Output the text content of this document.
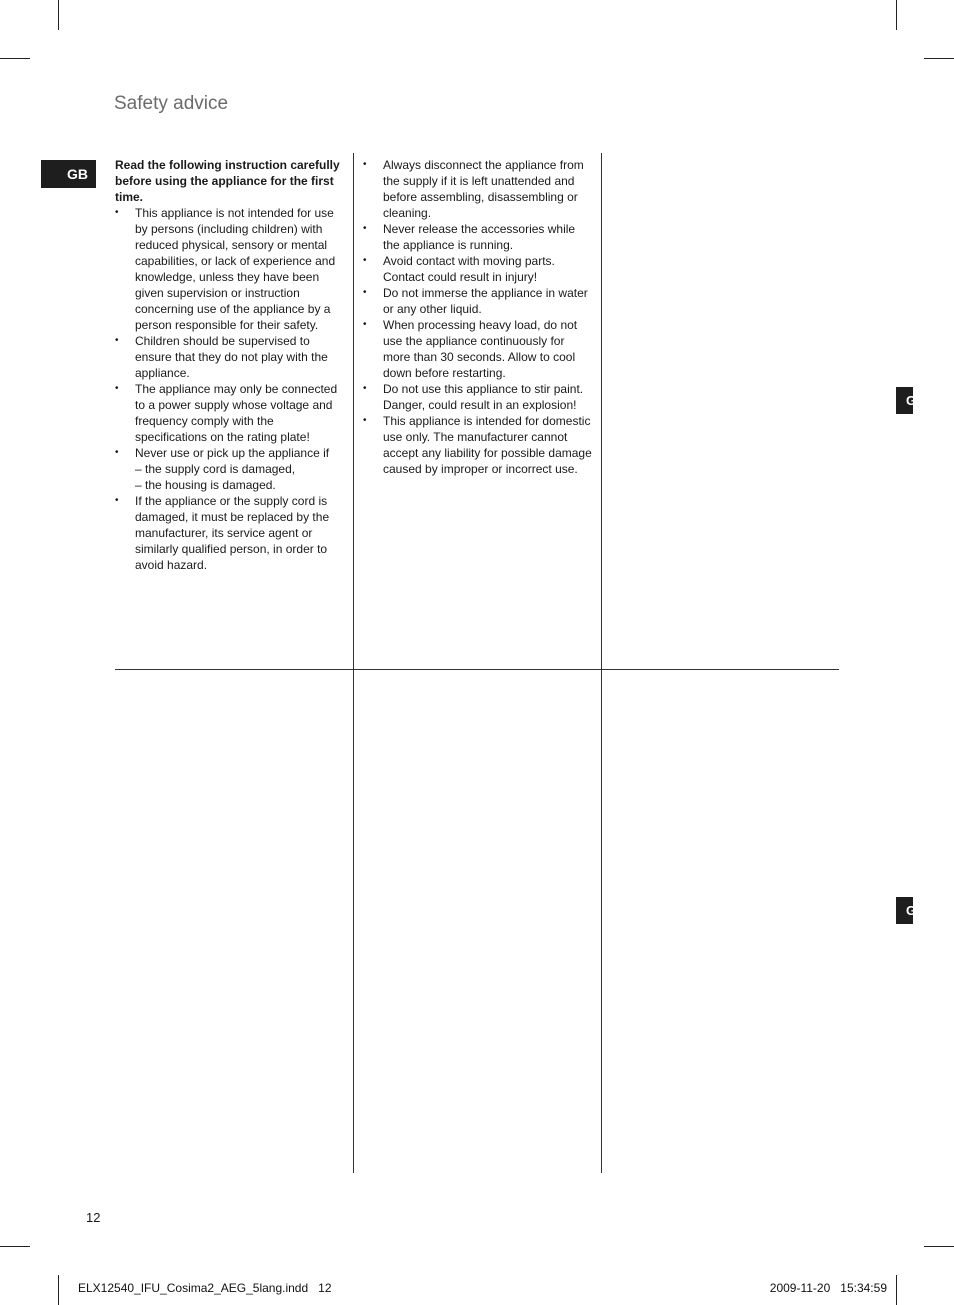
Safety advice
GB
G
G

Read the following instruction carefully before using the appliance for the first time.

• This appliance is not intended for use by persons (including children) with reduced physical, sensory or mental capabilities, or lack of experience and knowledge, unless they have been given supervision or instruction concerning use of the appliance by a person responsible for their safety.
• Children should be supervised to ensure that they do not play with the appliance.
• The appliance may only be connected to a power supply whose voltage and frequency comply with the specifications on the rating plate!
• Never use or pick up the appliance if
– the supply cord is damaged,
– the housing is damaged.
• If the appliance or the supply cord is damaged, it must be replaced by the manufacturer, its service agent or similarly qualified person, in order to avoid hazard.
• Always disconnect the appliance from the supply if it is left unattended and before assembling, disassembling or cleaning.
• Never release the accessories while the appliance is running.
• Avoid contact with moving parts. Contact could result in injury!
• Do not immerse the appliance in water or any other liquid.
• When processing heavy load, do not use the appliance continuously for more than 30 seconds. Allow to cool down before restarting.
• Do not use this appliance to stir paint. Danger, could result in an explosion!
• This appliance is intended for domestic use only. The manufacturer cannot accept any liability for possible damage caused by improper or incorrect use.
12
ELX12540_IFU_Cosima2_AEG_5lang.indd   12	2009-11-20   15:34:59
